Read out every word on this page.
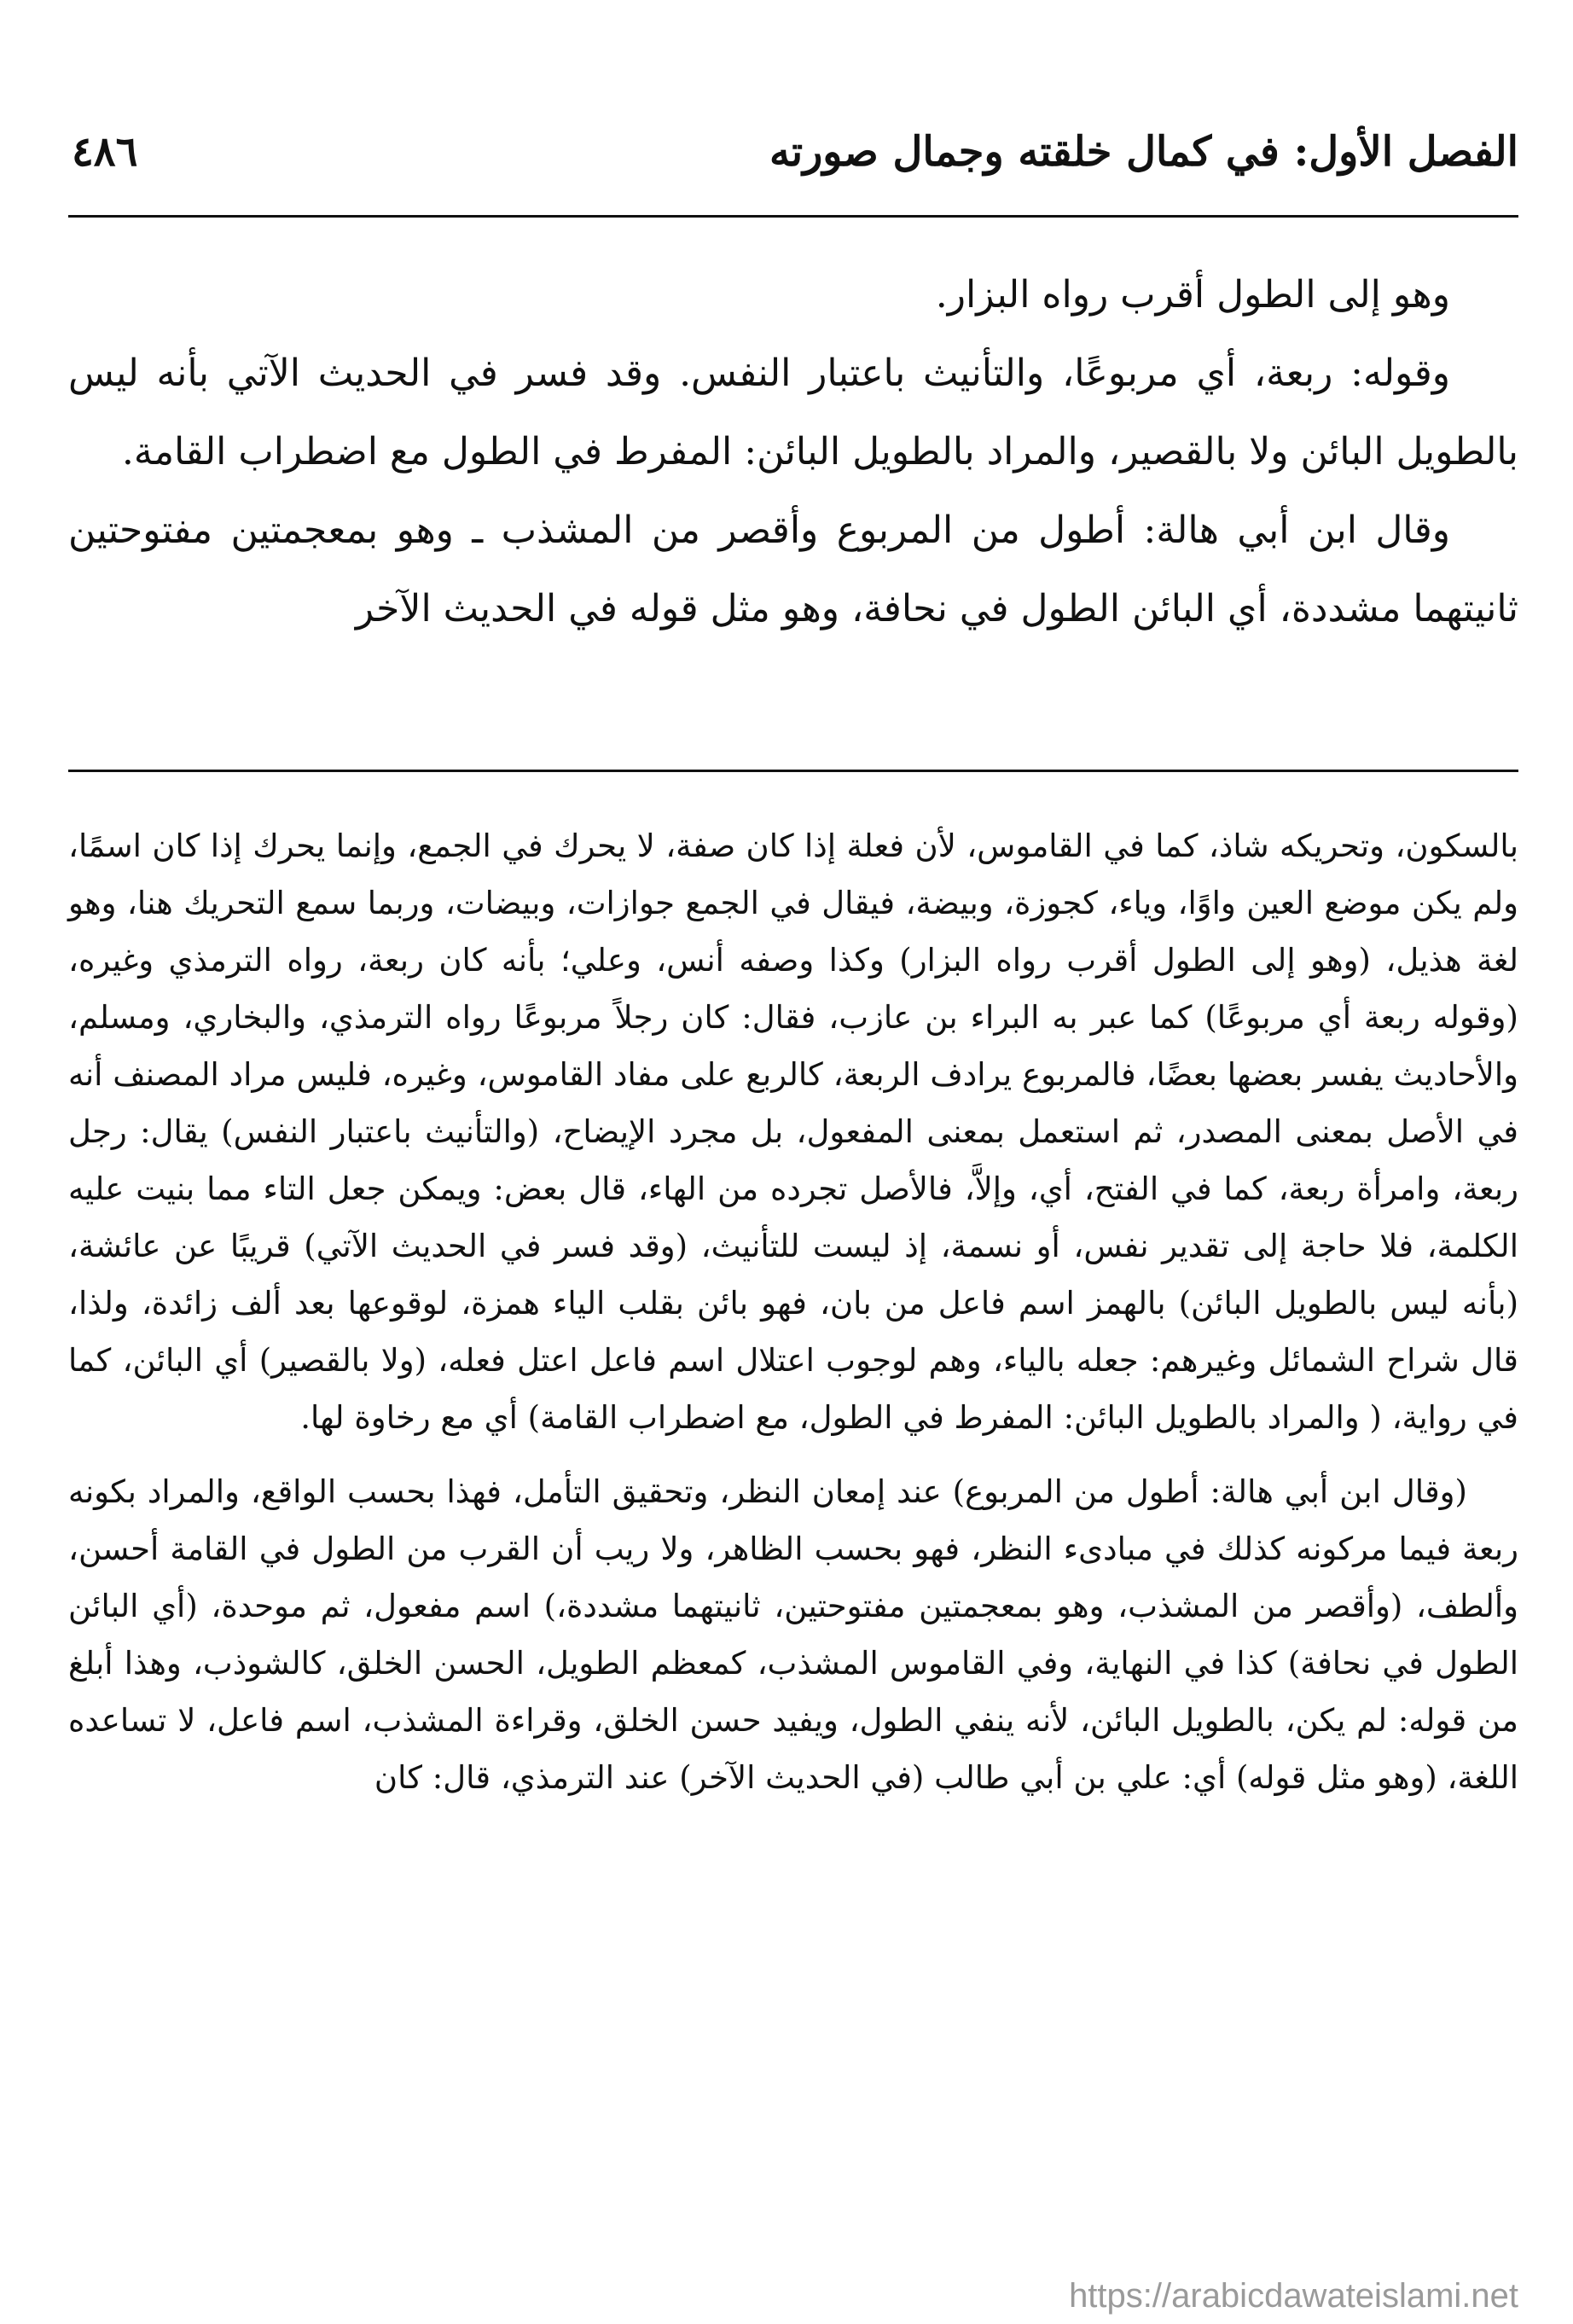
الفصل الأول: في كمال خلقته وجمال صورته
٤٨٦

وهو إلى الطول أقرب رواه البزار.

وقوله: ربعة، أي مربوعًا، والتأنيث باعتبار النفس. وقد فسر في الحديث الآتي بأنه ليس بالطويل البائن ولا بالقصير، والمراد بالطويل البائن: المفرط في الطول مع اضطراب القامة.

وقال ابن أبي هالة: أطول من المربوع وأقصر من المشذب ـ وهو بمعجمتين مفتوحتين ثانيتهما مشددة، أي البائن الطول في نحافة، وهو مثل قوله في الحديث الآخر

بالسكون، وتحريكه شاذ، كما في القاموس، لأن فعلة إذا كان صفة، لا يحرك في الجمع، وإنما يحرك إذا كان اسمًا، ولم يكن موضع العين واوًا، وياء، كجوزة، وبيضة، فيقال في الجمع جوازات، وبيضات، وربما سمع التحريك هنا، وهو لغة هذيل، (وهو إلى الطول أقرب رواه البزار) وكذا وصفه أنس، وعلي؛ بأنه كان ربعة، رواه الترمذي وغيره، (وقوله ربعة أي مربوعًا) كما عبر به البراء بن عازب، فقال: كان رجلاً مربوعًا رواه الترمذي، والبخاري، ومسلم، والأحاديث يفسر بعضها بعضًا، فالمربوع يرادف الربعة، كالربع على مفاد القاموس، وغيره، فليس مراد المصنف أنه في الأصل بمعنى المصدر، ثم استعمل بمعنى المفعول، بل مجرد الإيضاح، (والتأنيث باعتبار النفس) يقال: رجل ربعة، وامرأة ربعة، كما في الفتح، أي، وإلاَّ، فالأصل تجرده من الهاء، قال بعض: ويمكن جعل التاء مما بنيت عليه الكلمة، فلا حاجة إلى تقدير نفس، أو نسمة، إذ ليست للتأنيث، (وقد فسر في الحديث الآتي) قريبًا عن عائشة، (بأنه ليس بالطويل البائن) بالهمز اسم فاعل من بان، فهو بائن بقلب الياء همزة، لوقوعها بعد ألف زائدة، ولذا، قال شراح الشمائل وغيرهم: جعله بالياء، وهم لوجوب اعتلال اسم فاعل اعتل فعله، (ولا بالقصير) أي البائن، كما في رواية، ( والمراد بالطويل البائن: المفرط في الطول، مع اضطراب القامة) أي مع رخاوة لها.

(وقال ابن أبي هالة: أطول من المربوع) عند إمعان النظر، وتحقيق التأمل، فهذا بحسب الواقع، والمراد بكونه ربعة فيما مركونه كذلك في مبادىء النظر، فهو بحسب الظاهر، ولا ريب أن القرب من الطول في القامة أحسن، وألطف، (وأقصر من المشذب، وهو بمعجمتين مفتوحتين، ثانيتهما مشددة،) اسم مفعول، ثم موحدة، (أي البائن الطول في نحافة) كذا في النهاية، وفي القاموس المشذب، كمعظم الطويل، الحسن الخلق، كالشوذب، وهذا أبلغ من قوله: لم يكن، بالطويل البائن، لأنه ينفي الطول، ويفيد حسن الخلق، وقراءة المشذب، اسم فاعل، لا تساعده اللغة، (وهو مثل قوله) أي: علي بن أبي طالب (في الحديث الآخر) عند الترمذي، قال: كان

https://arabicdawateislami.net
